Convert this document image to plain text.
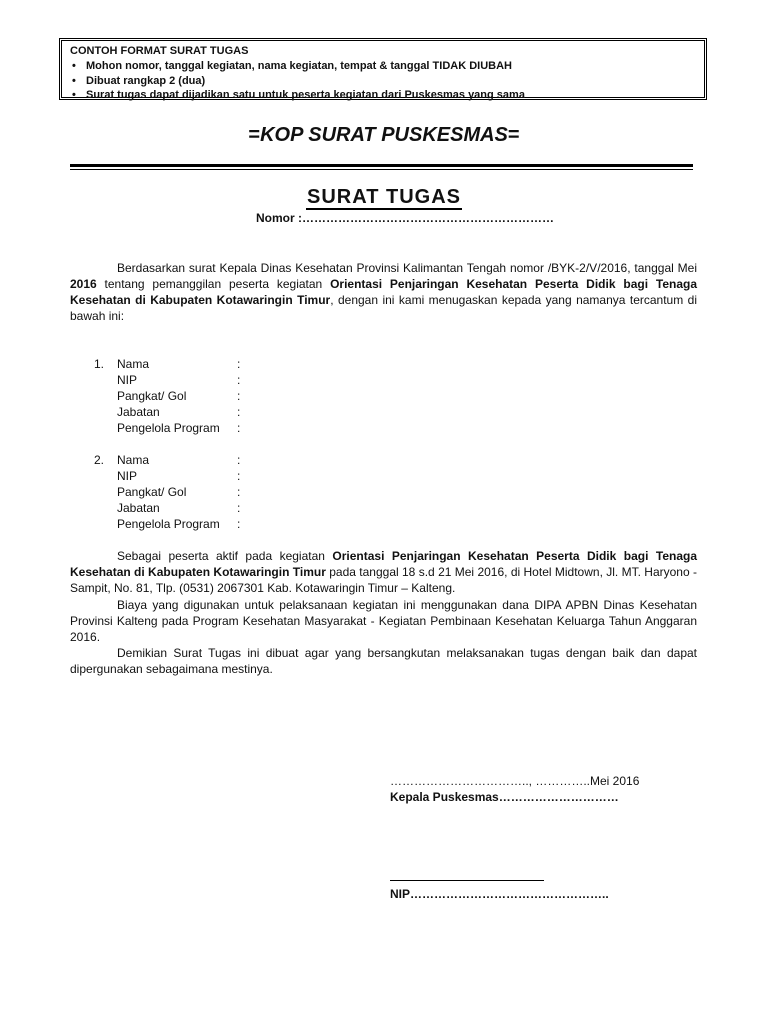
CONTOH FORMAT SURAT TUGAS
• Mohon nomor, tanggal kegiatan, nama kegiatan, tempat & tanggal TIDAK DIUBAH
• Dibuat rangkap 2 (dua)
• Surat tugas dapat dijadikan satu untuk peserta kegiatan dari Puskesmas yang sama
=KOP SURAT PUSKESMAS=
SURAT TUGAS
Nomor :………………………………………………………
Berdasarkan surat Kepala Dinas Kesehatan Provinsi Kalimantan Tengah nomor /BYK-2/V/2016, tanggal Mei 2016 tentang pemanggilan peserta kegiatan Orientasi Penjaringan Kesehatan Peserta Didik bagi Tenaga Kesehatan di Kabupaten Kotawaringin Timur, dengan ini kami menugaskan kepada yang namanya tercantum di bawah ini:
1.	Nama	:
NIP	:
Pangkat/ Gol	:
Jabatan	:
Pengelola Program :
2.	Nama	:
NIP	:
Pangkat/ Gol	:
Jabatan	:
Pengelola Program :
Sebagai peserta aktif pada kegiatan Orientasi Penjaringan Kesehatan Peserta Didik bagi Tenaga Kesehatan di Kabupaten Kotawaringin Timur pada tanggal 18 s.d 21 Mei 2016, di Hotel Midtown, Jl. MT. Haryono - Sampit, No. 81, Tlp. (0531) 2067301 Kab. Kotawaringin Timur – Kalteng.
Biaya yang digunakan untuk pelaksanaan kegiatan ini menggunakan dana DIPA APBN Dinas Kesehatan Provinsi Kalteng pada Program Kesehatan Masyarakat - Kegiatan Pembinaan Kesehatan Keluarga Tahun Anggaran 2016.
Demikian Surat Tugas ini dibuat agar yang bersangkutan melaksanakan tugas dengan baik dan dapat dipergunakan sebagaimana mestinya.
…………………………….., …………..Mei 2016
Kepala Puskesmas…………………………
NIP…………………………………………..
